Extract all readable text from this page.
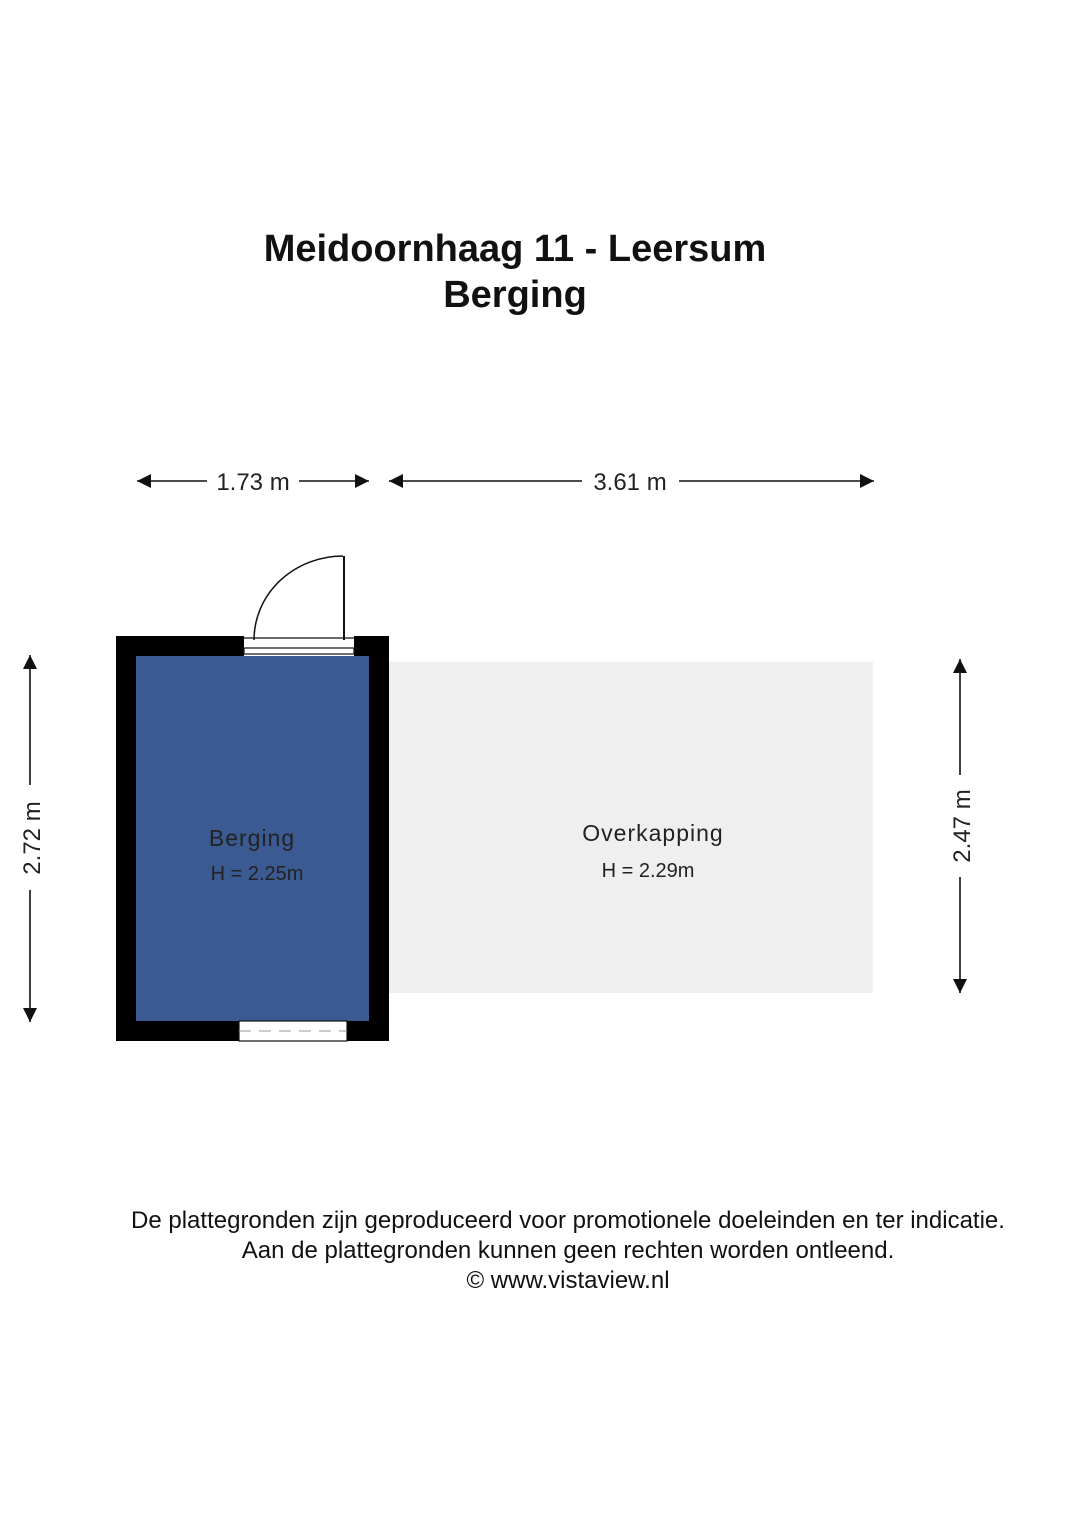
Meidoornhaag 11 - Leersum
Berging
1.73 m	3.61 m
2.72 m	2.47 m
Berging
H = 2.25m
Overkapping
H = 2.29m
De plattegronden zijn geproduceerd voor promotionele doeleinden en ter indicatie.
Aan de plattegronden kunnen geen rechten worden ontleend.
© www.vistaview.nl
